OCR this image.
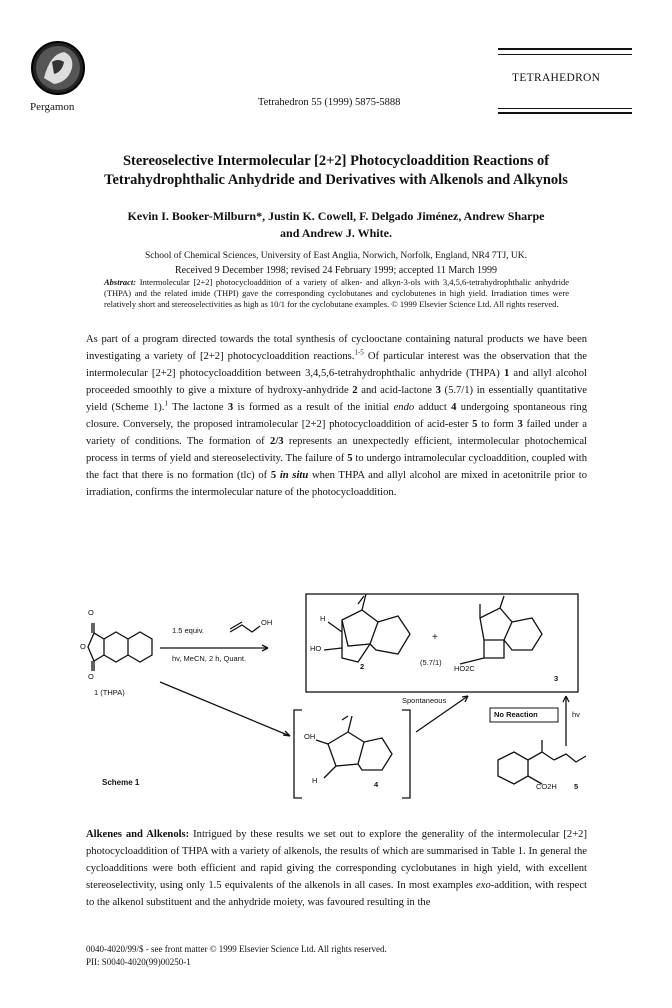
Pergamon	Tetrahedron 55 (1999) 5875-5888
TETRAHEDRON
Stereoselective Intermolecular [2+2] Photocycloaddition Reactions of
Tetrahydrophthalic Anhydride and Derivatives with Alkenols and Alkynols
Kevin I. Booker-Milburn*, Justin K. Cowell, F. Delgado Jiménez, Andrew Sharpe
and Andrew J. White.
School of Chemical Sciences, University of East Anglia, Norwich, Norfolk, England, NR4 7TJ, UK.
Received 9 December 1998; revised 24 February 1999; accepted 11 March 1999
Abstract: Intermolecular [2+2] photocycloaddition of a variety of alken- and alkyn-3-ols with 3,4,5,6-tetrahydrophthalic anhydride (THPA) and the related imide (THPI) gave the corresponding cyclobutanes and cyclobutenes in high yield. Irradiation times were relatively short and stereoselectivities as high as 10/1 for the cyclobutane examples. © 1999 Elsevier Science Ltd. All rights reserved.
As part of a program directed towards the total synthesis of cyclooctane containing natural products we have been investigating a variety of [2+2] photocycloaddition reactions.$^{1-5}$ Of particular interest was the observation that the intermolecular [2+2] photocycloaddition between 3,4,5,6-tetrahydrophthalic anhydride (THPA) 1 and allyl alcohol proceeded smoothly to give a mixture of hydroxy-anhydride 2 and acid-lactone 3 (5.7/1) in essentially quantitative yield (Scheme 1).$^1$ The lactone 3 is formed as a result of the initial endo adduct 4 undergoing spontaneous ring closure. Conversely, the proposed intramolecular [2+2] photocycloaddition of acid-ester 5 to form 3 failed under a variety of conditions. The formation of 2/3 represents an unexpectedly efficient, intermolecular photochemical process in terms of yield and stereoselectivity. The failure of 5 to undergo intramolecular cycloaddition, coupled with the fact that there is no formation (tlc) of 5 in situ when THPA and allyl alcohol are mixed in acetonitrile prior to irradiation, confirms the intermolecular nature of the photocycloaddition.
O
O
O
1.5 equiv.
OH
hv, MeCN, 2 h, Quant.
1 (THPA)
H
HO
2
+
(5.7/1)
HO2C
3
Spontaneous
No Reaction	hv
OH
H	4	CO2H 5
Scheme 1
Alkenes and Alkenols: Intrigued by these results we set out to explore the generality of the intermolecular [2+2] photocycloaddition of THPA with a variety of alkenols, the results of which are summarised in Table 1. In general the cycloadditions were both efficient and rapid giving the corresponding cyclobutanes in high yield, with excellent stereoselectivity, using only 1.5 equivalents of the alkenols in all cases. In most examples exo-addition, with respect to the alkenol substituent and the anhydride moiety, was favoured resulting in the
0040-4020/99/$ - see front matter © 1999 Elsevier Science Ltd. All rights reserved.
PII: S0040-4020(99)00250-1
